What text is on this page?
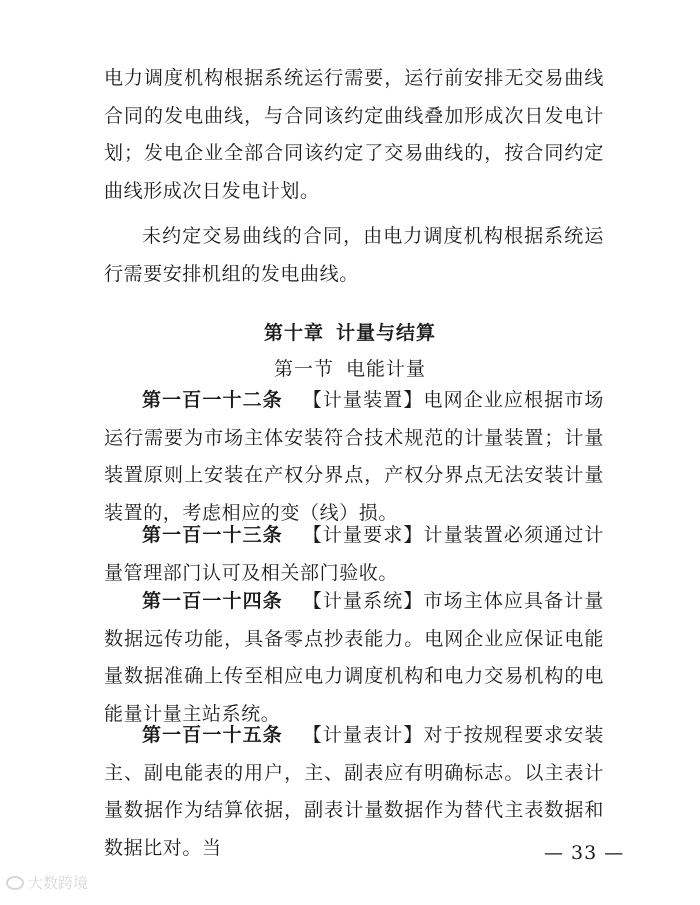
电力调度机构根据系统运行需要，运行前安排无交易曲线合同的发电曲线，与合同该约定曲线叠加形成次日发电计划；发电企业全部合同该约定了交易曲线的，按合同约定曲线形成次日发电计划。

未约定交易曲线的合同，由电力调度机构根据系统运行需要安排机组的发电曲线。

第十章 计量与结算
第一节 电能计量

第一百一十二条 【计量装置】电网企业应根据市场运行需要为市场主体安装符合技术规范的计量装置；计量装置原则上安装在产权分界点，产权分界点无法安装计量装置的，考虑相应的变（线）损。

第一百一十三条 【计量要求】计量装置必须通过计量管理部门认可及相关部门验收。

第一百一十四条 【计量系统】市场主体应具备计量数据远传功能，具备零点抄表能力。电网企业应保证电能量数据准确上传至相应电力调度机构和电力交易机构的电能量计量主站系统。

第一百一十五条 【计量表计】对于按规程要求安装主、副电能表的用户，主、副表应有明确标志。以主表计量数据作为结算依据，副表计量数据作为替代主表数据和数据比对。当	— 33 —
大数跨境
